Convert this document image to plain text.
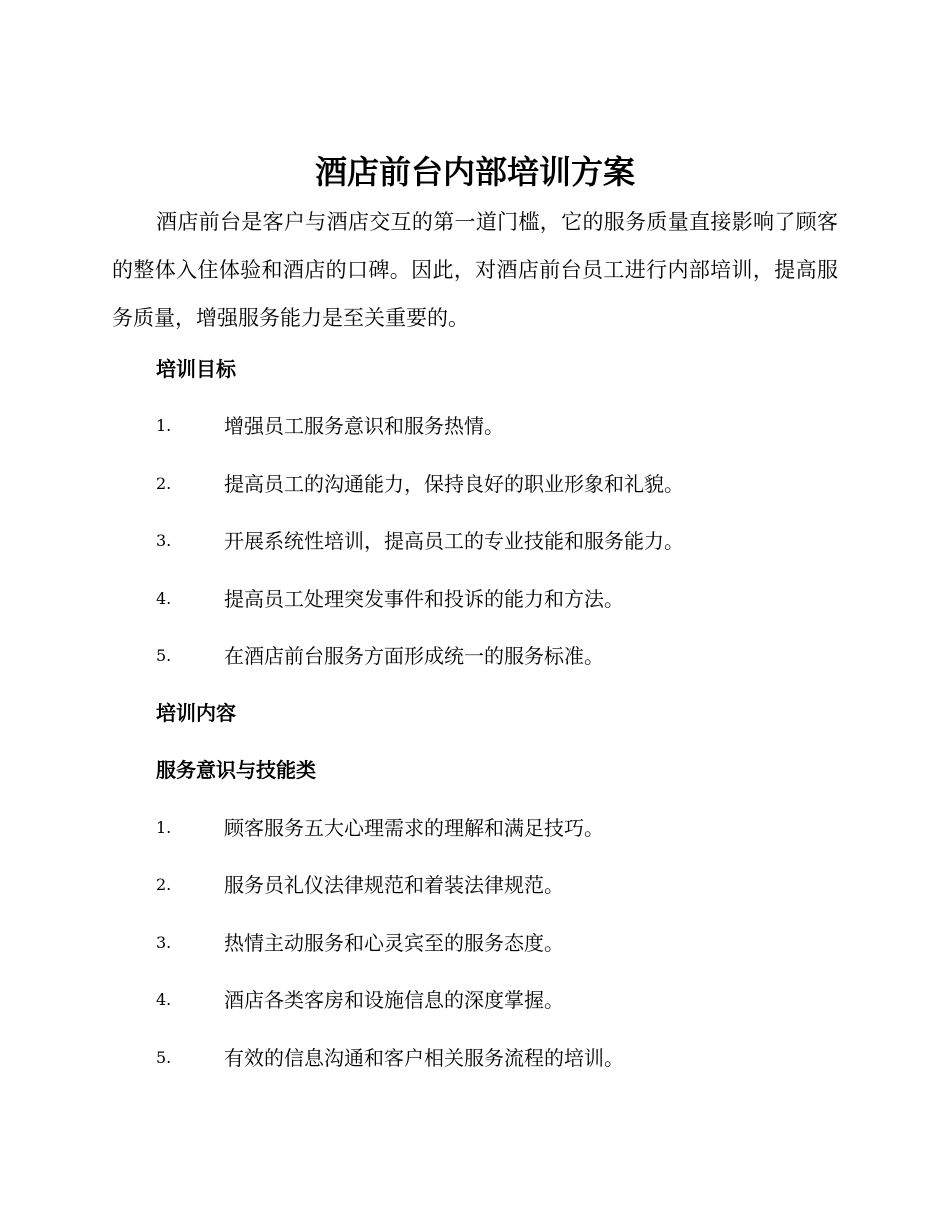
酒店前台内部培训方案

酒店前台是客户与酒店交互的第一道门槛，它的服务质量直接影响了顾客的整体入住体验和酒店的口碑。因此，对酒店前台员工进行内部培训，提高服务质量，增强服务能力是至关重要的。

培训目标
1.	增强员工服务意识和服务热情。
2.	提高员工的沟通能力，保持良好的职业形象和礼貌。
3.	开展系统性培训，提高员工的专业技能和服务能力。
4.	提高员工处理突发事件和投诉的能力和方法。
5.	在酒店前台服务方面形成统一的服务标准。
培训内容
服务意识与技能类
1.	顾客服务五大心理需求的理解和满足技巧。
2.	服务员礼仪法律规范和着装法律规范。
3.	热情主动服务和心灵宾至的服务态度。
4.	酒店各类客房和设施信息的深度掌握。
5.	有效的信息沟通和客户相关服务流程的培训。
